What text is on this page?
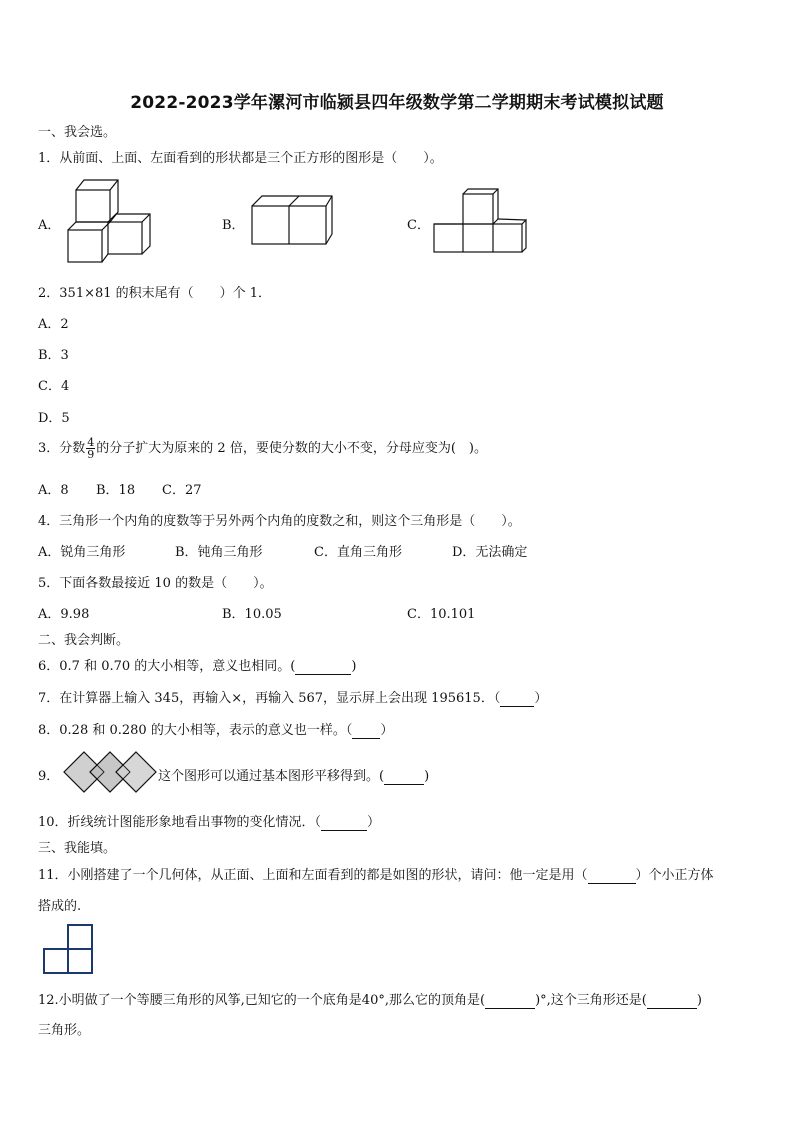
2022-2023学年漯河市临颍县四年级数学第二学期期末考试模拟试题
一、我会选。
1．从前面、上面、左面看到的形状都是三个正方形的图形是（　　）。
A．	B．	C．
2．351×81 的积末尾有（　　）个 1．
A．2
B．3
C．4
D．5
3．分数 $\frac{4}{9}$ 的分子扩大为原来的 2 倍，要使分数的大小不变，分母应变为(　)。
A．8 B．18 C．27
4．三角形一个内角的度数等于另外两个内角的度数之和，则这个三角形是（　　）。
A．锐角三角形	B．钝角三角形	C．直角三角形	D．无法确定
5．下面各数最接近 10 的数是（　　）。
A．9.98	B．10.05	C．10.101
二、我会判断。
6．0.7 和 0.70 的大小相等，意义也相同。(	)
7．在计算器上输入 345，再输入×，再输入 567，显示屏上会出现 195615．（	）
8．0.28 和 0.280 的大小相等，表示的意义也一样。（ ）
9．	这个图形可以通过基本图形平移得到。(	)
10．折线统计图能形象地看出事物的变化情况．（	）
三、我能填。
11．小刚搭建了一个几何体，从正面、上面和左面看到的都是如图的形状，请问：他一定是用（	）个小正方体
搭成的.
12.小明做了一个等腰三角形的风筝,已知它的一个底角是40°,那么它的顶角是(	)°,这个三角形还是(	)
三角形。
